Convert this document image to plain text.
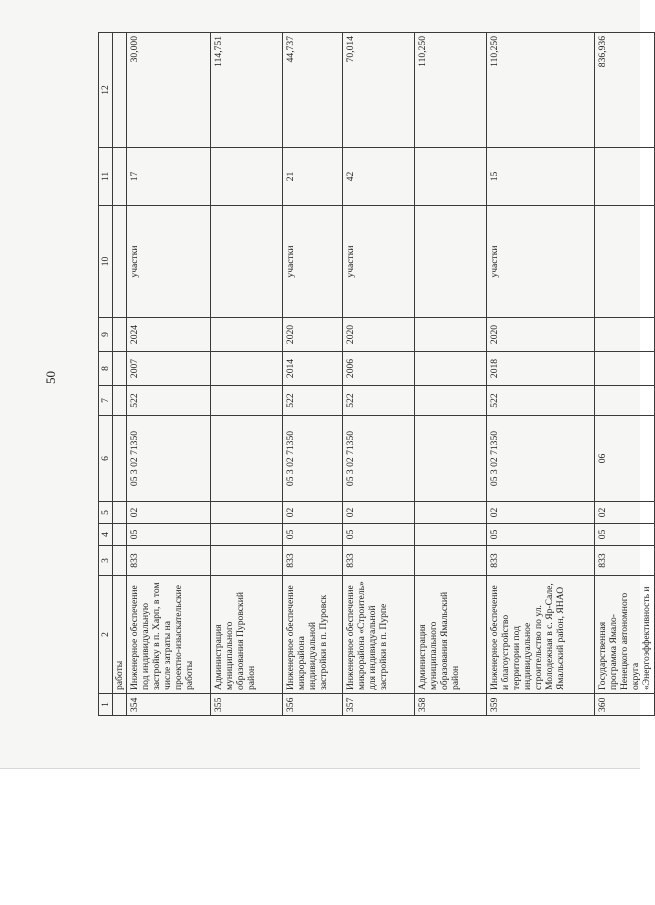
50
1	2	3	4	5	6	7	8	9	10	11	12
	работы										
354	Инженерное обеспечение под индивидуальную застройку в п. Харп, в том числе затраты на проектно-изыскательские работы	833	05	02	05 3 02 71350	522	2007	2024	участки	17	30,000
355	Администрация муниципального образования Пуровский район										114,751
356	Инженерное обеспечение микрорайона индивидуальной застройки в п. Пуровск	833	05	02	05 3 02 71350	522	2014	2020	участки	21	44,737
357	Инженерное обеспечение микрорайона «Строитель» для индивидуальной застройки в п. Пурпе	833	05	02	05 3 02 71350	522	2006	2020	участки	42	70,014
358	Администрация муниципального образования Ямальский район										110,250
359	Инженерное обеспечение и благоустройство территории под индивидуальное строительство по ул. Молодежная в с. Яр-Сале, Ямальский район, ЯНАО	833	05	02	05 3 02 71350	522	2018	2020	участки	15	110,250
360	Государственная программа Ямало-Ненецкого автономного округа «Энергоэффективность и	833	05	02	06						836,936
